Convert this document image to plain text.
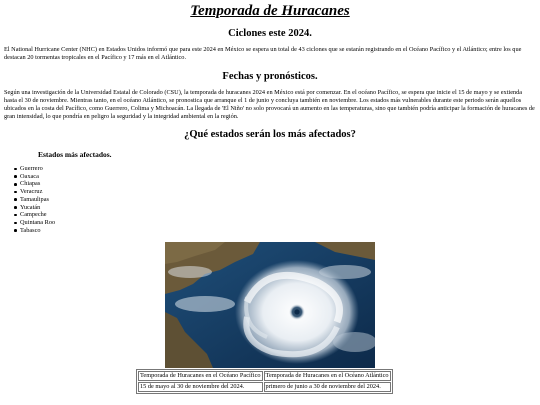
Temporada de Huracanes
Ciclones este 2024.

El National Hurricane Center (NHC) en Estados Unidos informó que para este 2024 en México se espera un total de 43 ciclones que se estarán registrando en el Océano Pacífico y el Atlántico; entre los que destacan 20 tormentas tropicales en el Pacífico y 17 más en el Atlántico.

Fechas y pronósticos.

Según una investigación de la Universidad Estatal de Colorado (CSU), la temporada de huracanes 2024 en México está por comenzar. En el océano Pacífico, se espera que inicie el 15 de mayo y se extienda hasta el 30 de noviembre. Mientras tanto, en el océano Atlántico, se pronostica que arranque el 1 de junio y concluya también en noviembre. Los estados más vulnerables durante este periodo serán aquellos ubicados en la costa del Pacífico, como Guerrero, Colima y Michoacán. La llegada de 'El Niño' no solo provocará un aumento en las temperaturas, sino que también podría anticipar la formación de huracanes de gran intensidad, lo que pondría en peligro la seguridad y la integridad ambiental en la región.

¿Qué estados serán los más afectados?
Estados más afectados.
Guerrero
Oaxaca
Chiapas
Veracruz
Tamaulipas
Yucatán
Campeche
Quintana Roo
Tabasco
Temporada de Huracanes en el Océano Pacífico	Temporada de Huracanes en el Océano Atlántico
15 de mayo al 30 de noviembre del 2024.	primero de junio a 30 de noviembre del 2024.
